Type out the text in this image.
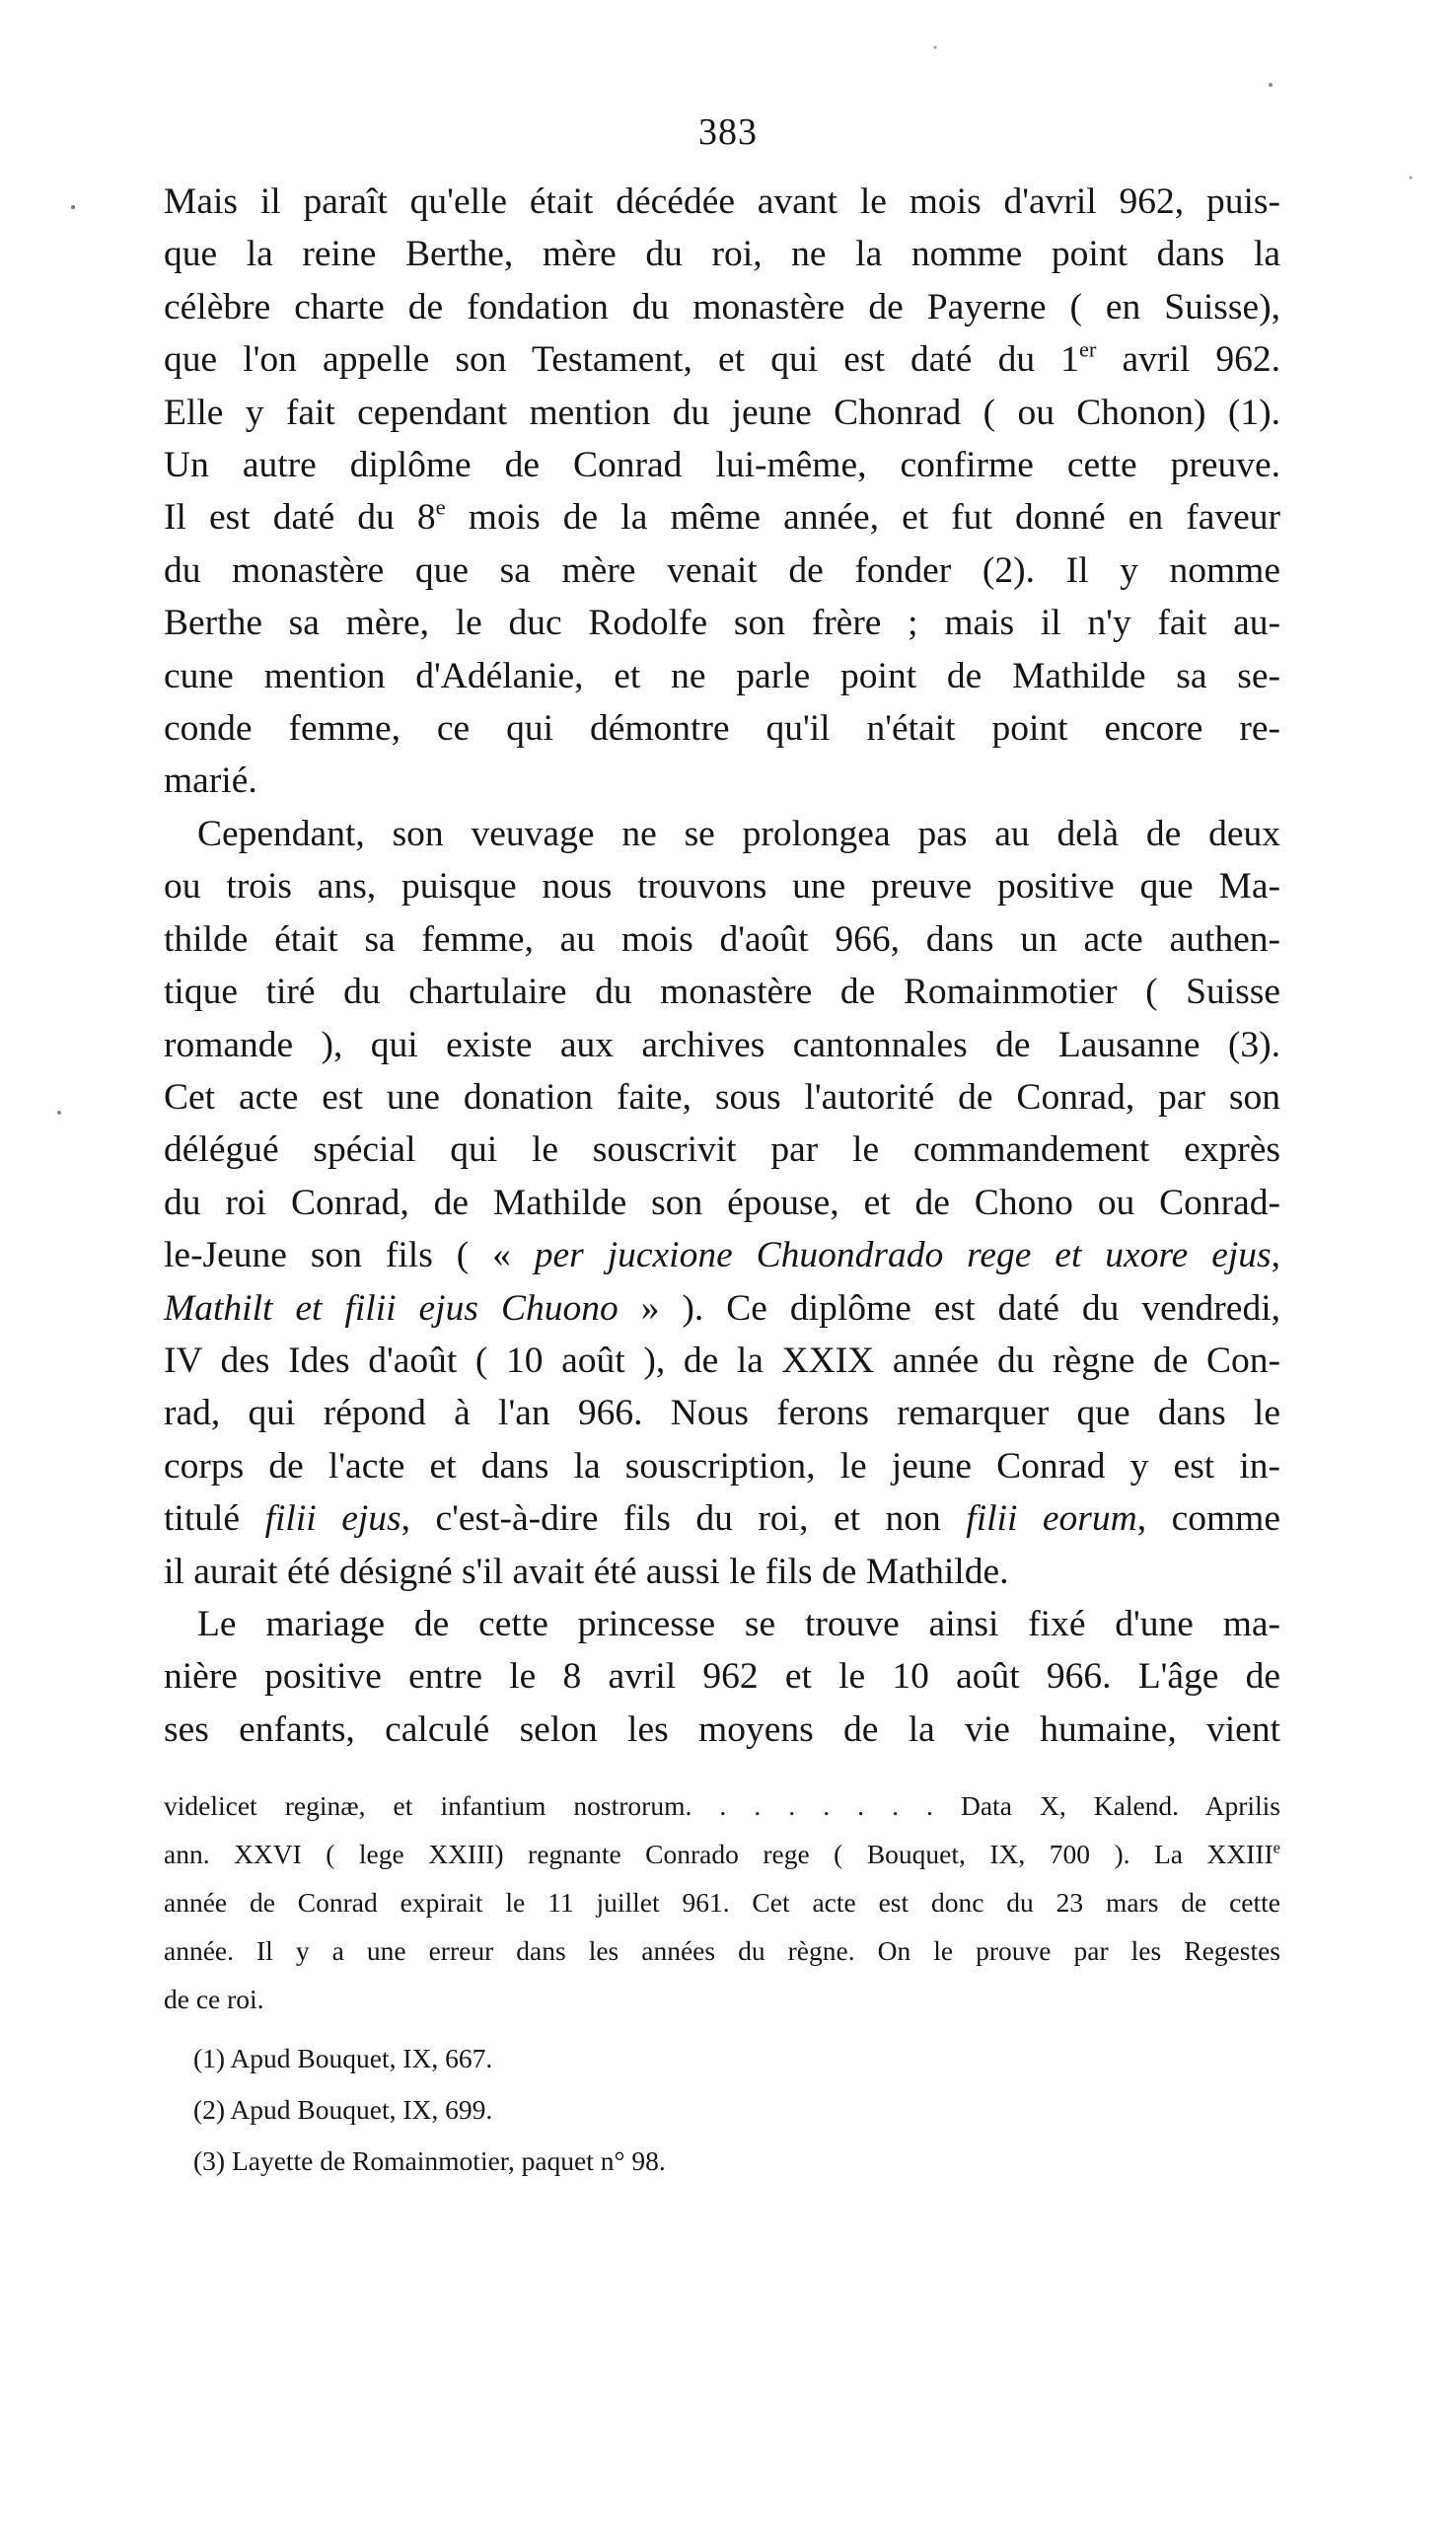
383

Mais il paraît qu'elle était décédée avant le mois d'avril 962, puis-

que la reine Berthe, mère du roi, ne la nomme point dans la

célèbre charte de fondation du monastère de Payerne ( en Suisse),

que l'on appelle son Testament, et qui est daté du 1er avril 962.

Elle y fait cependant mention du jeune Chonrad ( ou Chonon) (1).

Un autre diplôme de Conrad lui-même, confirme cette preuve.

Il est daté du 8e mois de la même année, et fut donné en faveur

du monastère que sa mère venait de fonder (2). Il y nomme

Berthe sa mère, le duc Rodolfe son frère ; mais il n'y fait au-

cune mention d'Adélanie, et ne parle point de Mathilde sa se-

conde femme, ce qui démontre qu'il n'était point encore re-

marié.

Cependant, son veuvage ne se prolongea pas au delà de deux

ou trois ans, puisque nous trouvons une preuve positive que Ma-

thilde était sa femme, au mois d'août 966, dans un acte authen-

tique tiré du chartulaire du monastère de Romainmotier ( Suisse

romande ), qui existe aux archives cantonnales de Lausanne (3).

Cet acte est une donation faite, sous l'autorité de Conrad, par son

délégué spécial qui le souscrivit par le commandement exprès

du roi Conrad, de Mathilde son épouse, et de Chono ou Conrad-

le-Jeune son fils ( « per jucxione Chuondrado rege et uxore ejus,

Mathilt et filii ejus Chuono » ). Ce diplôme est daté du vendredi,

IV des Ides d'août ( 10 août ), de la XXIX année du règne de Con-

rad, qui répond à l'an 966. Nous ferons remarquer que dans le

corps de l'acte et dans la souscription, le jeune Conrad y est in-

titulé filii ejus, c'est-à-dire fils du roi, et non filii eorum, comme

il aurait été désigné s'il avait été aussi le fils de Mathilde.

Le mariage de cette princesse se trouve ainsi fixé d'une ma-

nière positive entre le 8 avril 962 et le 10 août 966. L'âge de

ses enfants, calculé selon les moyens de la vie humaine, vient

videlicet reginæ, et infantium nostrorum. . . . . . . . Data X, Kalend. Aprilis

ann. XXVI ( lege XXIII) regnante Conrado rege ( Bouquet, IX, 700 ). La XXIIIe

année de Conrad expirait le 11 juillet 961. Cet acte est donc du 23 mars de cette

année. Il y a une erreur dans les années du règne. On le prouve par les Regestes

de ce roi.

(1) Apud Bouquet, IX, 667.

(2) Apud Bouquet, IX, 699.

(3) Layette de Romainmotier, paquet n° 98.
